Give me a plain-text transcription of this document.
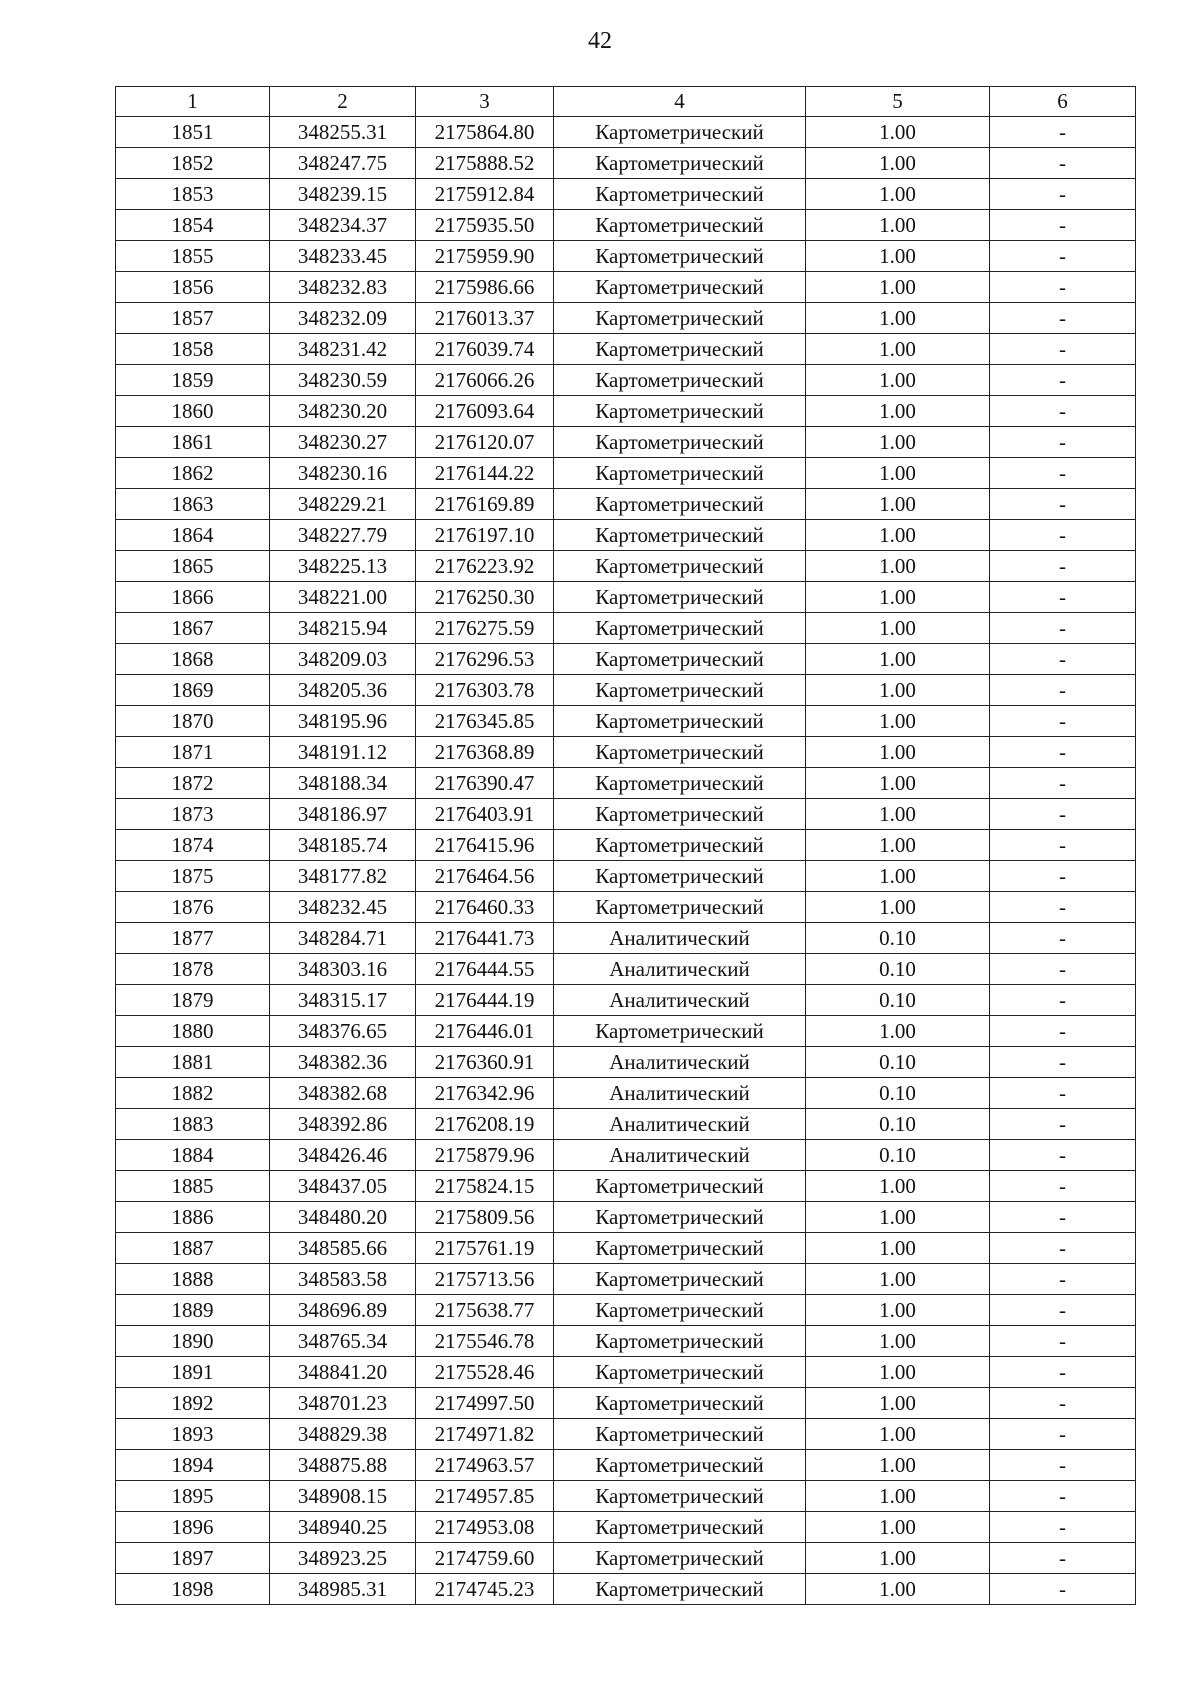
42
1	2	3	4	5	6
1851	348255.31	2175864.80	Картометрический	1.00	-
1852	348247.75	2175888.52	Картометрический	1.00	-
1853	348239.15	2175912.84	Картометрический	1.00	-
1854	348234.37	2175935.50	Картометрический	1.00	-
1855	348233.45	2175959.90	Картометрический	1.00	-
1856	348232.83	2175986.66	Картометрический	1.00	-
1857	348232.09	2176013.37	Картометрический	1.00	-
1858	348231.42	2176039.74	Картометрический	1.00	-
1859	348230.59	2176066.26	Картометрический	1.00	-
1860	348230.20	2176093.64	Картометрический	1.00	-
1861	348230.27	2176120.07	Картометрический	1.00	-
1862	348230.16	2176144.22	Картометрический	1.00	-
1863	348229.21	2176169.89	Картометрический	1.00	-
1864	348227.79	2176197.10	Картометрический	1.00	-
1865	348225.13	2176223.92	Картометрический	1.00	-
1866	348221.00	2176250.30	Картометрический	1.00	-
1867	348215.94	2176275.59	Картометрический	1.00	-
1868	348209.03	2176296.53	Картометрический	1.00	-
1869	348205.36	2176303.78	Картометрический	1.00	-
1870	348195.96	2176345.85	Картометрический	1.00	-
1871	348191.12	2176368.89	Картометрический	1.00	-
1872	348188.34	2176390.47	Картометрический	1.00	-
1873	348186.97	2176403.91	Картометрический	1.00	-
1874	348185.74	2176415.96	Картометрический	1.00	-
1875	348177.82	2176464.56	Картометрический	1.00	-
1876	348232.45	2176460.33	Картометрический	1.00	-
1877	348284.71	2176441.73	Аналитический	0.10	-
1878	348303.16	2176444.55	Аналитический	0.10	-
1879	348315.17	2176444.19	Аналитический	0.10	-
1880	348376.65	2176446.01	Картометрический	1.00	-
1881	348382.36	2176360.91	Аналитический	0.10	-
1882	348382.68	2176342.96	Аналитический	0.10	-
1883	348392.86	2176208.19	Аналитический	0.10	-
1884	348426.46	2175879.96	Аналитический	0.10	-
1885	348437.05	2175824.15	Картометрический	1.00	-
1886	348480.20	2175809.56	Картометрический	1.00	-
1887	348585.66	2175761.19	Картометрический	1.00	-
1888	348583.58	2175713.56	Картометрический	1.00	-
1889	348696.89	2175638.77	Картометрический	1.00	-
1890	348765.34	2175546.78	Картометрический	1.00	-
1891	348841.20	2175528.46	Картометрический	1.00	-
1892	348701.23	2174997.50	Картометрический	1.00	-
1893	348829.38	2174971.82	Картометрический	1.00	-
1894	348875.88	2174963.57	Картометрический	1.00	-
1895	348908.15	2174957.85	Картометрический	1.00	-
1896	348940.25	2174953.08	Картометрический	1.00	-
1897	348923.25	2174759.60	Картометрический	1.00	-
1898	348985.31	2174745.23	Картометрический	1.00	-
